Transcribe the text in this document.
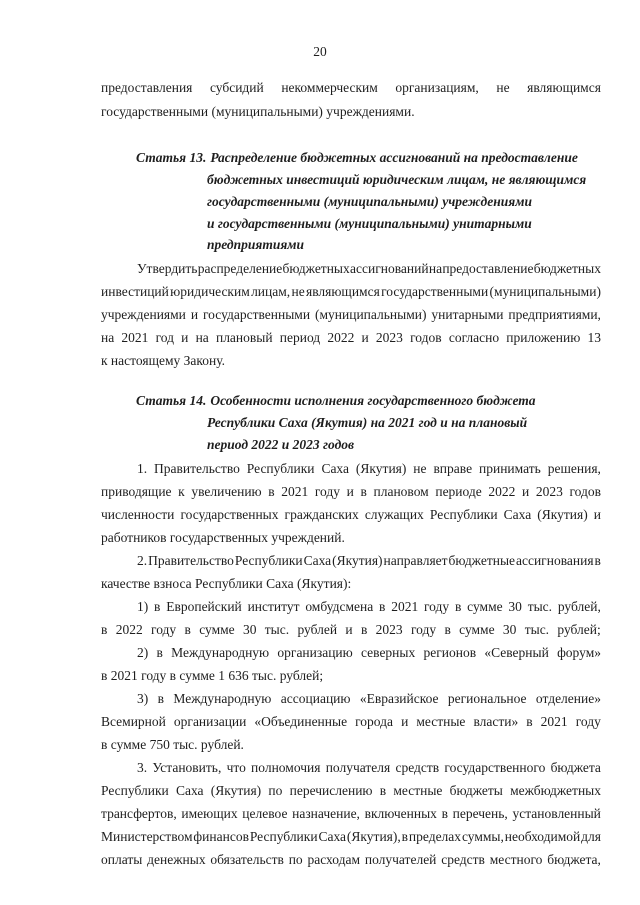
20
предоставления субсидий некоммерческим организациям, не являющимся
государственными (муниципальными) учреждениями.
Статья 13. Распределение бюджетных ассигнований на предоставление
бюджетных инвестиций юридическим лицам, не являющимся
государственными (муниципальными) учреждениями
и государственными (муниципальными) унитарными
предприятиями
Утвердить распределение бюджетных ассигнований на предоставление бюджетных
инвестиций юридическим лицам, не являющимся государственными (муниципальными)
учреждениями и государственными (муниципальными) унитарными предприятиями,
на 2021 год и на плановый период 2022 и 2023 годов согласно приложению 13
к настоящему Закону.
Статья 14. Особенности исполнения государственного бюджета
Республики Саха (Якутия) на 2021 год и на плановый
период 2022 и 2023 годов
1. Правительство Республики Саха (Якутия) не вправе принимать решения,
приводящие к увеличению в 2021 году и в плановом периоде 2022 и 2023 годов
численности государственных гражданских служащих Республики Саха (Якутия) и
работников государственных учреждений.
2. Правительство Республики Саха (Якутия) направляет бюджетные ассигнования в
качестве взноса Республики Саха (Якутия):
1) в Европейский институт омбудсмена в 2021 году в сумме 30 тыс. рублей,
в 2022 году в сумме 30 тыс. рублей и в 2023 году в сумме 30 тыс. рублей;
2) в Международную организацию северных регионов «Северный форум»
в 2021 году в сумме 1 636 тыс. рублей;
3) в Международную ассоциацию «Евразийское региональное отделение»
Всемирной организации «Объединенные города и местные власти» в 2021 году
в сумме 750 тыс. рублей.
3. Установить, что полномочия получателя средств государственного бюджета
Республики Саха (Якутия) по перечислению в местные бюджеты межбюджетных
трансфертов, имеющих целевое назначение, включенных в перечень, установленный
Министерством финансов Республики Саха (Якутия), в пределах суммы, необходимой для
оплаты денежных обязательств по расходам получателей средств местного бюджета,
